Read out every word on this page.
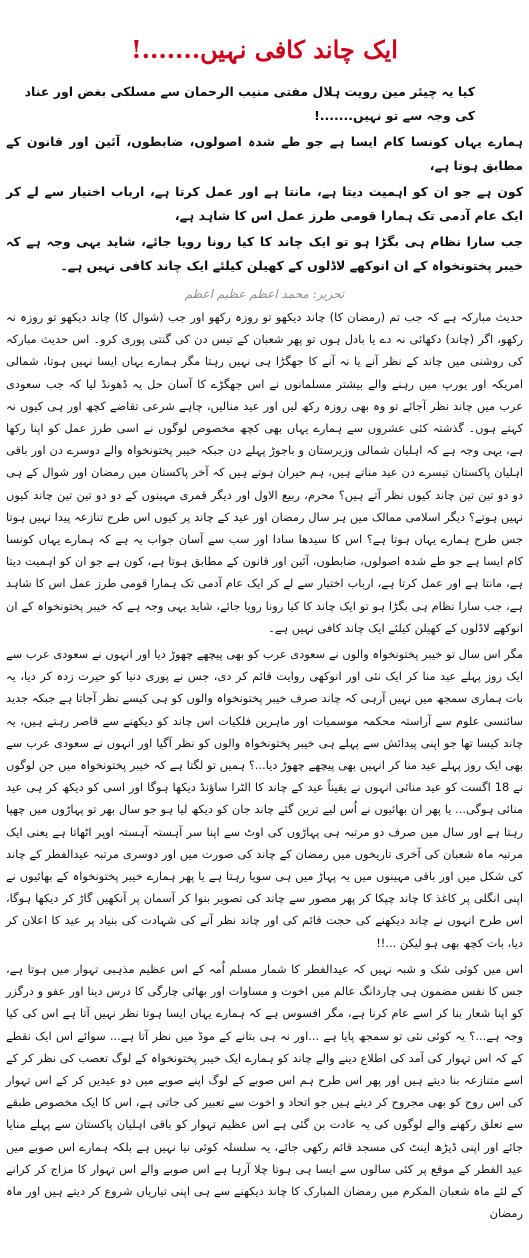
ایک چاند کافی نہیں.......!

کیا یہ چیئر مین رویت ہلال مفتی منیب الرحمان سے مسلکی بغض اور عناد کی وجہ سے تو نہیں.......!

ہمارے یہاں کونسا کام ایسا ہے جو طے شدہ اصولوں، ضابطوں، آئین اور قانون کے مطابق ہوتا ہے،

کون ہے جو ان کو اہمیت دیتا ہے، مانتا ہے اور عمل کرتا ہے، ارباب اختیار سے لے کر ایک عام آدمی تک ہمارا قومی طرز عمل اس کا شاہد ہے،

جب سارا نظام ہی بگڑا ہو تو ایک چاند کا کیا رونا رویا جائے، شاید یہی وجہ ہے کہ خیبر پختونخواہ کے ان انوکھے لاڈلوں کے کھیلن کیلئے ایک چاند کافی نہیں ہے۔

تحریر: محمد اعظم عظیم اعظم

حدیث مبارکہ ہے کہ جب تم (رمضان کا) چاند دیکھو تو روزہ رکھو اور جب (شوال کا) چاند دیکھو تو روزہ نہ رکھو، اگر (چاند) دکھائی نہ دے یا بادل ہوں تو پھر شعبان کے تیس دن کی گنتی پوری کرو۔ اس حدیث مبارکہ کی روشنی میں چاند کے نظر آنے یا نہ آنے کا جھگڑا ہی نہیں رہتا مگر ہمارے یہاں ایسا نہیں ہوتا، شمالی امریکہ اور یورپ میں رہنے والے بیشتر مسلمانوں نے اس جھگڑے کا آسان حل یہ ڈھونڈ لیا کہ جب سعودی عرب میں چاند نظر آجائے تو وہ بھی روزہ رکھ لیں اور عید منالیں، چاہے شرعی تقاضے کچھ اور ہی کیوں نہ کہتے ہوں۔ گذشتہ کئی عشروں سے ہمارے یہاں بھی کچھ مخصوص لوگوں نے اسی طرز عمل کو اپنا رکھا ہے، یہی وجہ ہے کہ اہلیان شمالی وزیرستان و باجوڑ پہلے دن جبکہ خیبر پختونخواہ والے دوسرے دن اور باقی اہلیان پاکستان تیسرے دن عید مناتے ہیں، ہم حیران ہوتے ہیں کہ آخر پاکستان میں رمضان اور شوال کے ہی دو دو تین تین چاند کیوں نظر آتے ہیں؟ محرم، ربیع الاول اور دیگر قمری مہینوں کے دو دو تین تین چاند کیوں نہیں ہوتے؟ دیگر اسلامی ممالک میں ہر سال رمضان اور عید کے چاند پر کیوں اس طرح تنازعہ پیدا نہیں ہوتا جس طرح ہمارے یہاں ہوتا ہے؟ اس کا سیدھا سادا اور سب سے آسان جواب یہ ہے کہ ہمارے یہاں کونسا کام ایسا ہے جو طے شدہ اصولوں، ضابطوں، آئین اور قانون کے مطابق ہوتا ہے، کون ہے جو ان کو اہمیت دیتا ہے، مانتا ہے اور عمل کرتا ہے، ارباب اختیار سے لے کر ایک عام آدمی تک ہمارا قومی طرز عمل اس کا شاہد ہے، جب سارا نظام ہی بگڑا ہو تو ایک چاند کا کیا رونا رویا جائے، شاید یہی وجہ ہے کہ خیبر پختونخواہ کے ان انوکھے لاڈلوں کے کھیلن کیلئے ایک چاند کافی نہیں ہے۔

مگر اس سال تو خیبر پختونخواہ والوں نے سعودی عرب کو بھی پیچھے چھوڑ دیا اور انہوں نے سعودی عرب سے ایک روز پہلے عید منا کر ایک نئی اور انوکھی روایت قائم کر دی، جس نے پوری دنیا کو حیرت زدہ کر دیا، یہ بات ہماری سمجھ میں نہیں آرہی کہ چاند صرف خیبر پختونخواہ والوں کو ہی کیسے نظر آجاتا ہے جبکہ جدید سائنسی علوم سے آراستہ محکمہ موسمیات اور ماہرین فلکیات اس چاند کو دیکھنے سے قاصر رہتے ہیں، یہ چاند کیسا تھا جو اپنی پیدائش سے پہلے ہی خیبر پختونخواہ والوں کو نظر آگیا اور انہوں نے سعودی عرب سے بھی ایک روز پہلے عید منا کر انہیں بھی پیچھے چھوڑ دیا...؟ ہمیں تو لگتا ہے کہ خیبر پختونخواہ میں جن لوگوں نے 18 اگست کو عید منائی انہوں نے یقیناً عید کے چاند کا الٹرا ساؤنڈ دیکھا ہوگا اور اسی کو دیکھ کر ہی عید منائی ہوگی... یا پھر ان بھائیوں نے اُس لیے ترین گئے چاند جان کو دیکھ لیا ہو جو سال بھر تو پہاڑوں میں چھپا رہتا ہے اور سال میں صرف دو مرتبہ ہی پہاڑوں کی اوٹ سے اپنا سر آہستہ آہستہ اوپر اٹھاتا ہے یعنی ایک مرتبہ ماہ شعبان کی آخری تاریخوں میں رمضان کے چاند کی صورت میں اور دوسری مرتبہ عیدالفطر کے چاند کی شکل میں اور باقی مہینوں میں یہ پہاڑ میں ہی سویا رہتا ہے یا پھر ہمارے خیبر پختونخواہ کے بھائیوں نے اپنی انگلی پر کاغذ کا چاند چپکا کر پھر مصور سے چاند کی تصویر بنوا کر آسمان پر آنکھیں گاڑ کر دیکھا ہوگا، اس طرح انہوں نے چاند دیکھنے کی حجت قائم کی اور چاند نظر آنے کی شہادت کی بنیاد پر عید کا اعلان کر دیا، بات کچھ بھی ہو لیکن ...!!

اس میں کوئی شک و شبہ نہیں کہ عیدالفطر کا شمار مسلم اُمہ کے اس عظیم مذہبی تہوار میں ہوتا ہے، جس کا نفس مضمون ہی چاردانگ عالم میں اخوت و مساوات اور بھائی چارگی کا درس دینا اور عفو و درگزر کو اپنا شعار بنا کر اسے عام کرنا ہے، مگر افسوس ہے کہ ہمارے یہاں ایسا ہوتا نظر نہیں آتا ہے اس کی کیا وجہ ہے...؟ یہ کوئی نئی تو سمجھ پایا ہے ...اور نہ ہی بتانے کے موڈ میں نظر آتا ہے... سوائے اس ایک نقطے کے کہ اس تہوار کی آمد کی اطلاع دینے والے چاند کو ہمارے ایک خیبر پختونخواہ کے لوگ تعصب کی نظر کر کے اسے متنازعہ بنا دیتے ہیں اور پھر اس طرح ہم اس صوبے کے لوگ اپنے صوبے میں دو عیدیں کر کے اس تہوار کی اس روح کو بھی مجروح کر دیتے ہیں جو اتحاد و اخوت سے تعبیر کی جاتی ہے، اس کا ایک مخصوص طبقے سے تعلق رکھنے والے لوگوں کی یہ عادت بن گئی ہے اس عظیم تہوار کو باقی اہلیان پاکستان سے پہلے منایا جائے اور اپنی ڈیڑھ اینٹ کی مسجد قائم رکھی جائے، یہ سلسلہ کوئی نیا نہیں ہے بلکہ ہمارے اس صوبے میں عید الفطر کے موقع پر کئی سالوں سے ایسا ہی ہوتا چلا آرہا ہے اس صوبے والے اس تہوار کا مزاج کر کرانے کے لئے ماہ شعبان المکرم میں رمضان المبارک کا چاند دیکھنے سے ہی اپنی تیاریاں شروع کر دیتے ہیں اور ماہ رمضان
